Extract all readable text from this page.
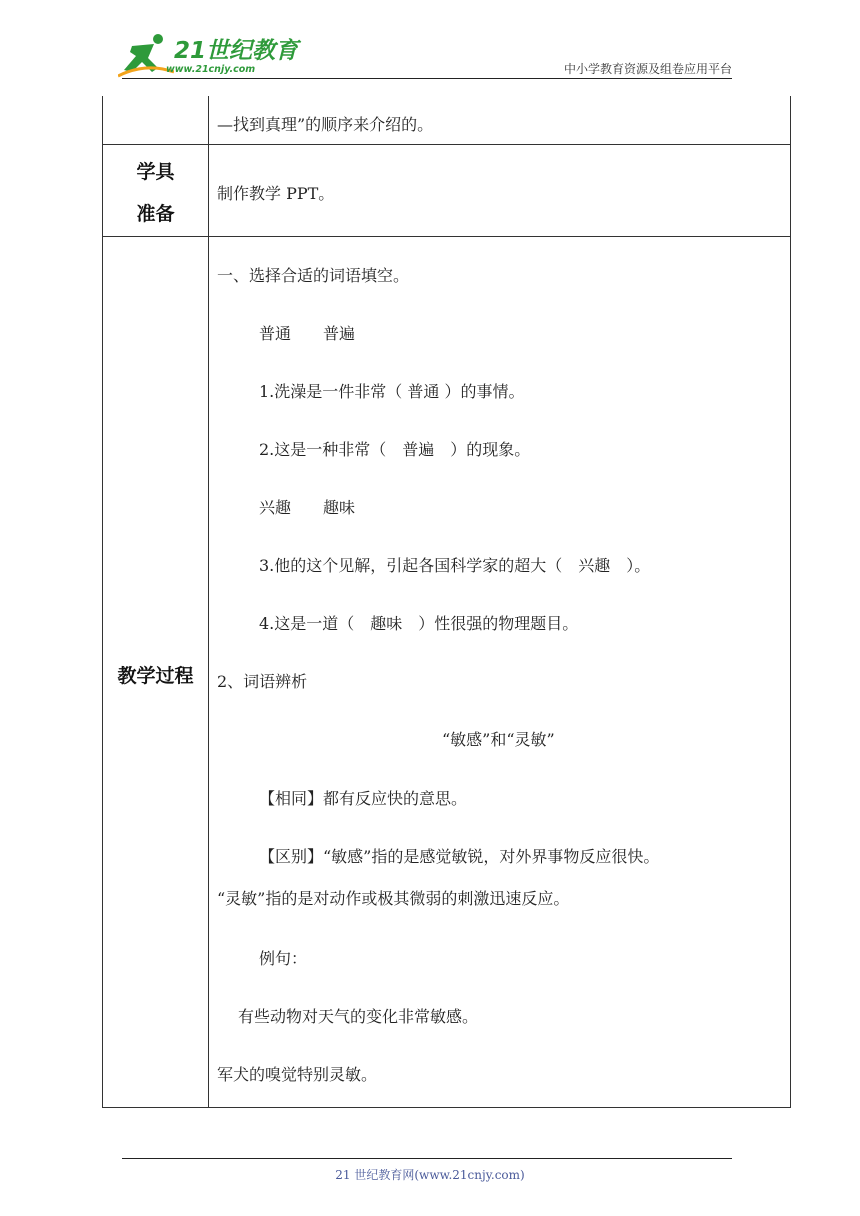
21世纪教育
www.21cnjy.com	中小学教育资源及组卷应用平台
—找到真理”的顺序来介绍的。
学具
准备
制作教学 PPT。
教学过程
一、选择合适的词语填空。
普通　　普遍
1.洗澡是一件非常（ 普通 ）的事情。
2.这是一种非常（　普遍　）的现象。
兴趣　　趣味
3.他的这个见解，引起各国科学家的超大（　兴趣　）。
4.这是一道（　趣味　）性很强的物理题目。
2、词语辨析
“敏感”和“灵敏”
【相同】都有反应快的意思。
【区别】“敏感”指的是感觉敏锐，对外界事物反应很快。
“灵敏”指的是对动作或极其微弱的刺激迅速反应。
例句：
有些动物对天气的变化非常敏感。
军犬的嗅觉特别灵敏。
21 世纪教育网(www.21cnjy.com)
